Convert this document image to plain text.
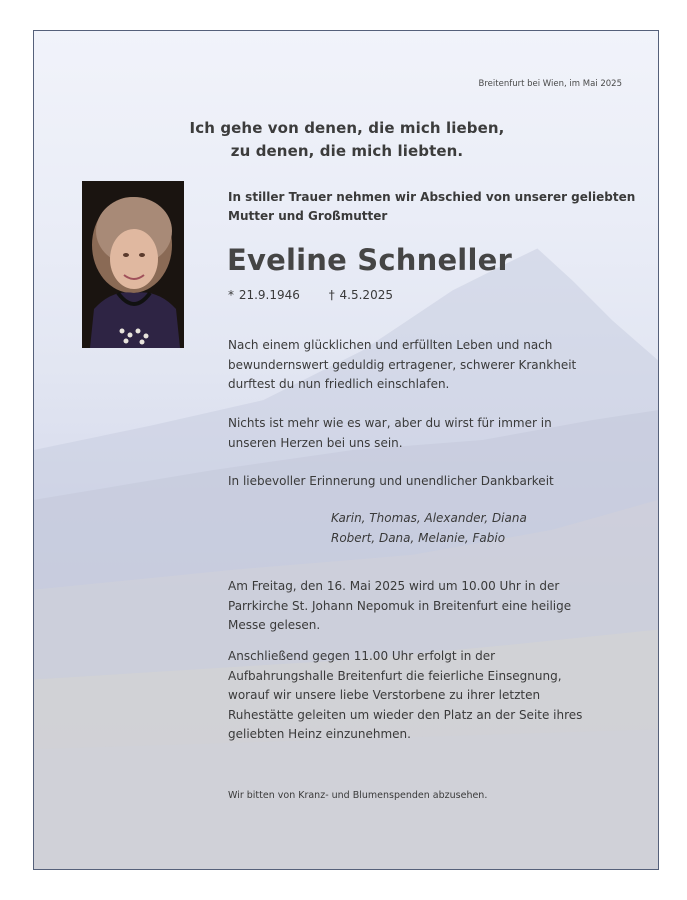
Breitenfurt bei Wien, im Mai 2025
Ich gehe von denen, die mich lieben,
zu denen, die mich liebten.
In stiller Trauer nehmen wir Abschied von unserer geliebten
Mutter und Großmutter
Eveline Schneller
* 21.9.1946 † 4.5.2025
Nach einem glücklichen und erfüllten Leben und nach
bewundernswert geduldig ertragener, schwerer Krankheit
durftest du nun friedlich einschlafen.
Nichts ist mehr wie es war, aber du wirst für immer in
unseren Herzen bei uns sein.
In liebevoller Erinnerung und unendlicher Dankbarkeit
Karin, Thomas, Alexander, Diana
Robert, Dana, Melanie, Fabio
Am Freitag, den 16. Mai 2025 wird um 10.00 Uhr in der
Parrkirche St. Johann Nepomuk in Breitenfurt eine heilige
Messe gelesen.
Anschließend gegen 11.00 Uhr erfolgt in der
Aufbahrungshalle Breitenfurt die feierliche Einsegnung,
worauf wir unsere liebe Verstorbene zu ihrer letzten
Ruhestätte geleiten um wieder den Platz an der Seite ihres
geliebten Heinz einzunehmen.
Wir bitten von Kranz- und Blumenspenden abzusehen.
